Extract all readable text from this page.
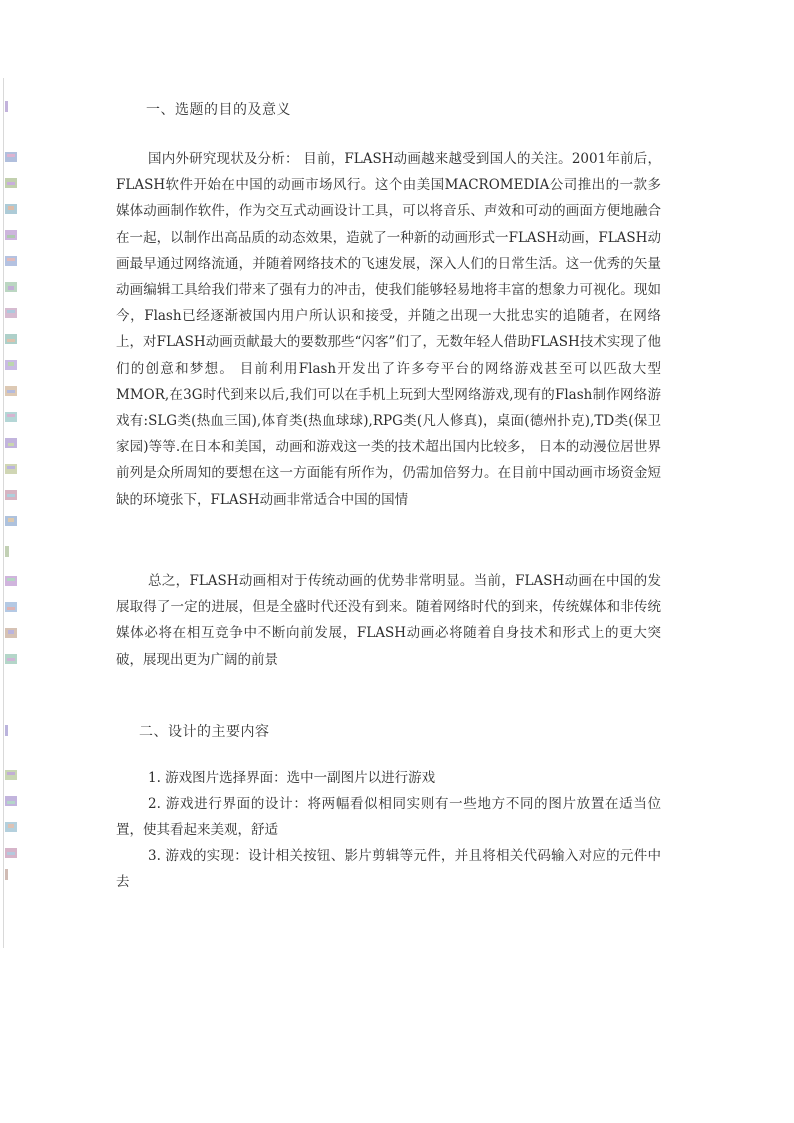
一、选题的目的及意义

国内外研究现状及分析： 目前，FLASH动画越来越受到国人的关注。2001年前后，FLASH软件开始在中国的动画市场风行。这个由美国MACROMEDIA公司推出的一款多媒体动画制作软件，作为交互式动画设计工具，可以将音乐、声效和可动的画面方便地融合在一起，以制作出高品质的动态效果，造就了一种新的动画形式一FLASH动画，FLASH动画最早通过网络流通，并随着网络技术的飞速发展，深入人们的日常生活。这一优秀的矢量动画编辑工具给我们带来了强有力的冲击，使我们能够轻易地将丰富的想象力可视化。现如今，Flash已经逐渐被国内用户所认识和接受，并随之出现一大批忠实的追随者，在网络上，对FLASH动画贡献最大的要数那些“闪客”们了，无数年轻人借助FLASH技术实现了他们的创意和梦想。 目前利用Flash开发出了许多夸平台的网络游戏甚至可以匹敌大型MMOR,在3G时代到来以后,我们可以在手机上玩到大型网络游戏,现有的Flash制作网络游戏有:SLG类(热血三国),体育类(热血球球),RPG类(凡人修真)，桌面(德州扑克),TD类(保卫家园)等等.在日本和美国，动画和游戏这一类的技术超出国内比较多， 日本的动漫位居世界前列是众所周知的要想在这一方面能有所作为，仍需加倍努力。在目前中国动画市场资金短缺的环境张下，FLASH动画非常适合中国的国情

总之，FLASH动画相对于传统动画的优势非常明显。当前，FLASH动画在中国的发展取得了一定的进展，但是全盛时代还没有到来。随着网络时代的到来，传统媒体和非传统媒体必将在相互竞争中不断向前发展，FLASH动画必将随着自身技术和形式上的更大突破，展现出更为广阔的前景

二、设计的主要内容

1. 游戏图片选择界面：选中一副图片以进行游戏

2. 游戏进行界面的设计：将两幅看似相同实则有一些地方不同的图片放置在适当位置，使其看起来美观，舒适

3. 游戏的实现：设计相关按钮、影片剪辑等元件，并且将相关代码输入对应的元件中去
